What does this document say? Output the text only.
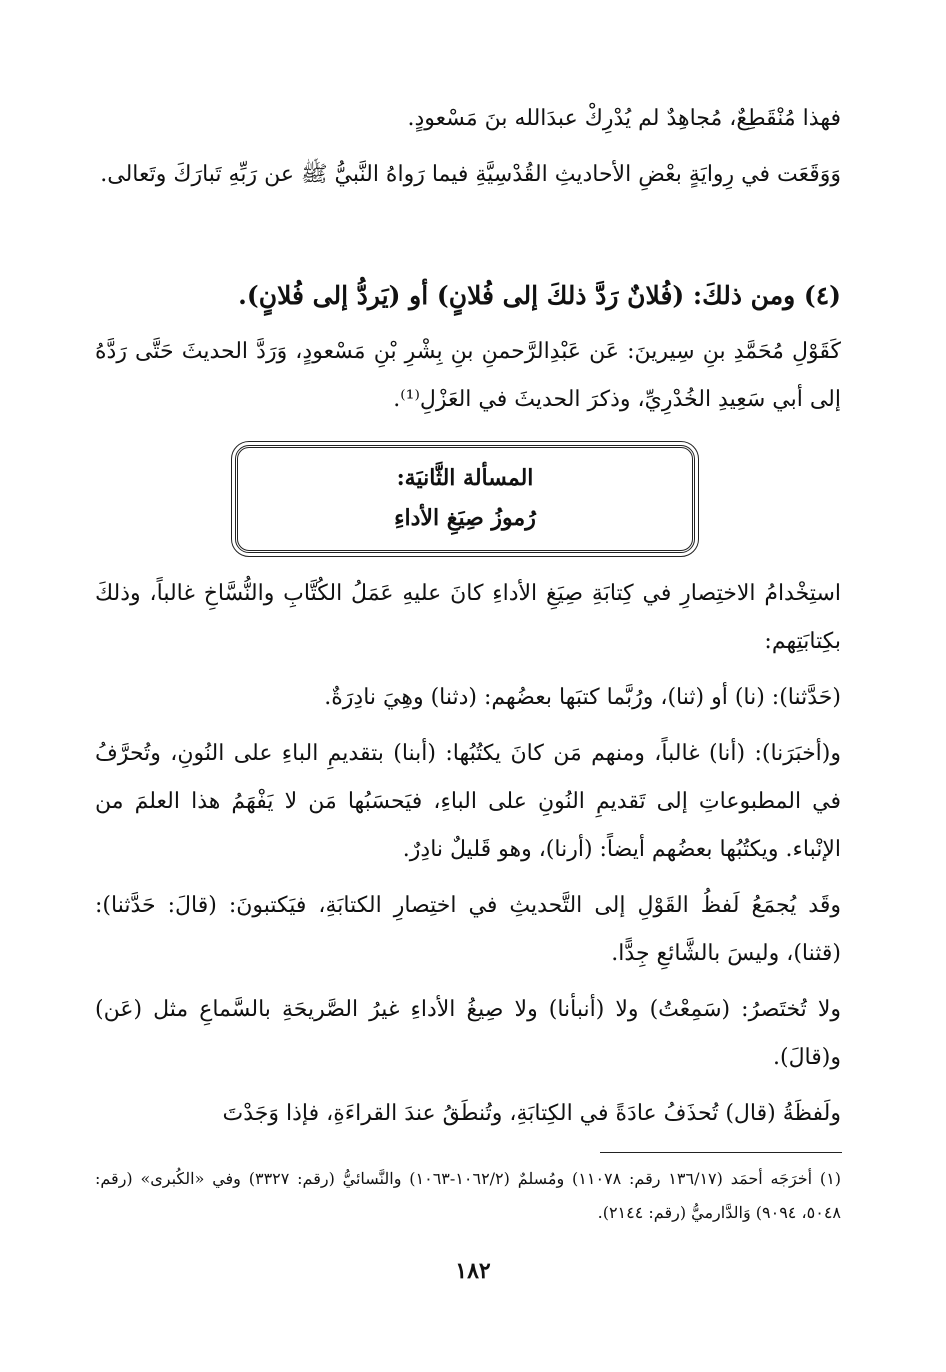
فهذا مُنْقَطِعٌ، مُجاهِدٌ لم يُدْرِكْ عبدَالله بنَ مَسْعودٍ.

وَوَقَعَت في رِوايَةٍ بعْضِ الأحاديثِ القُدْسِيَّةِ فيما رَواهُ النَّبيُّ ﷺ عن رَبِّهِ تَبارَكَ وتَعالى.

(٤) ومن ذلكَ: (فُلانٌ رَدَّ ذلكَ إلى فُلانٍ) أو (يَردُّ إلى فُلانٍ).

كَقَوْلِ مُحَمَّدِ بنِ سِيرينَ: عَن عَبْدِالرَّحمنِ بنِ بِشْرِ بْنِ مَسْعودٍ، وَرَدَّ الحديثَ حَتَّى رَدَّهُ إلى أبي سَعِيدِ الخُدْرِيِّ، وذكرَ الحديثَ في العَزْلِ⁽¹⁾.

المسألة الثَّانيَة:
رُموزُ صِيَغِ الأداءِ

استِخْدامُ الاختِصارِ في كِتابَةِ صِيَغِ الأداءِ كانَ عليهِ عَمَلُ الكُتَّابِ والنُّسَّاخِ غالباً، وذلكَ بكِتابَتِهم:

(حَدَّثنا): (نا) أو (ثنا)، ورُبَّما كتبَها بعضُهم: (دثنا) وهِيَ نادِرَةٌ.

و(أخبَرَنا): (أنا) غالباً، ومنهم مَن كانَ يكتُبُها: (أبنا) بتقديمِ الباءِ على النُونِ، وتُحرَّفُ في المطبوعاتِ إلى تَقديمِ النُونِ على الباءِ، فيَحسَبُها مَن لا يَفْهَمُ هذا العلمَ من الإنْباء. ويكتُبُها بعضُهم أيضاً: (أرنا)، وهو قَليلٌ نادِرٌ.

وقَد يُجمَعُ لَفظُ القَوْلِ إلى التَّحديثِ في اختِصارِ الكتابَةِ، فيَكتبونَ: (قالَ: حَدَّثنا): (قثنا)، وليسَ بالشَّائعِ جِدًّا.

ولا تُختَصرُ: (سَمِعْتُ) ولا (أنبأنا) ولا صِيغُ الأداءِ غيرُ الصَّريحَةِ بالسَّماعِ مثل (عَن) و(قالَ).

ولَفظَةُ (قال) تُحذَفُ عادَةً في الكِتابَةِ، وتُنطَقُ عندَ القراءَةِ، فإذا وَجَدْتَ

(١) أخرَجَه أحمَد (١٣٦/١٧ رقم: ١١٠٧٨) ومُسلمٌ (١٠٦٢/٢-١٠٦٣) والنَّسائيُّ (رقم: ٣٣٢٧) وفي «الكُبرى» (رقم: ٥٠٤٨، ٩٠٩٤) وَالدَّارميُّ (رقم: ٢١٤٤).

١٨٢
